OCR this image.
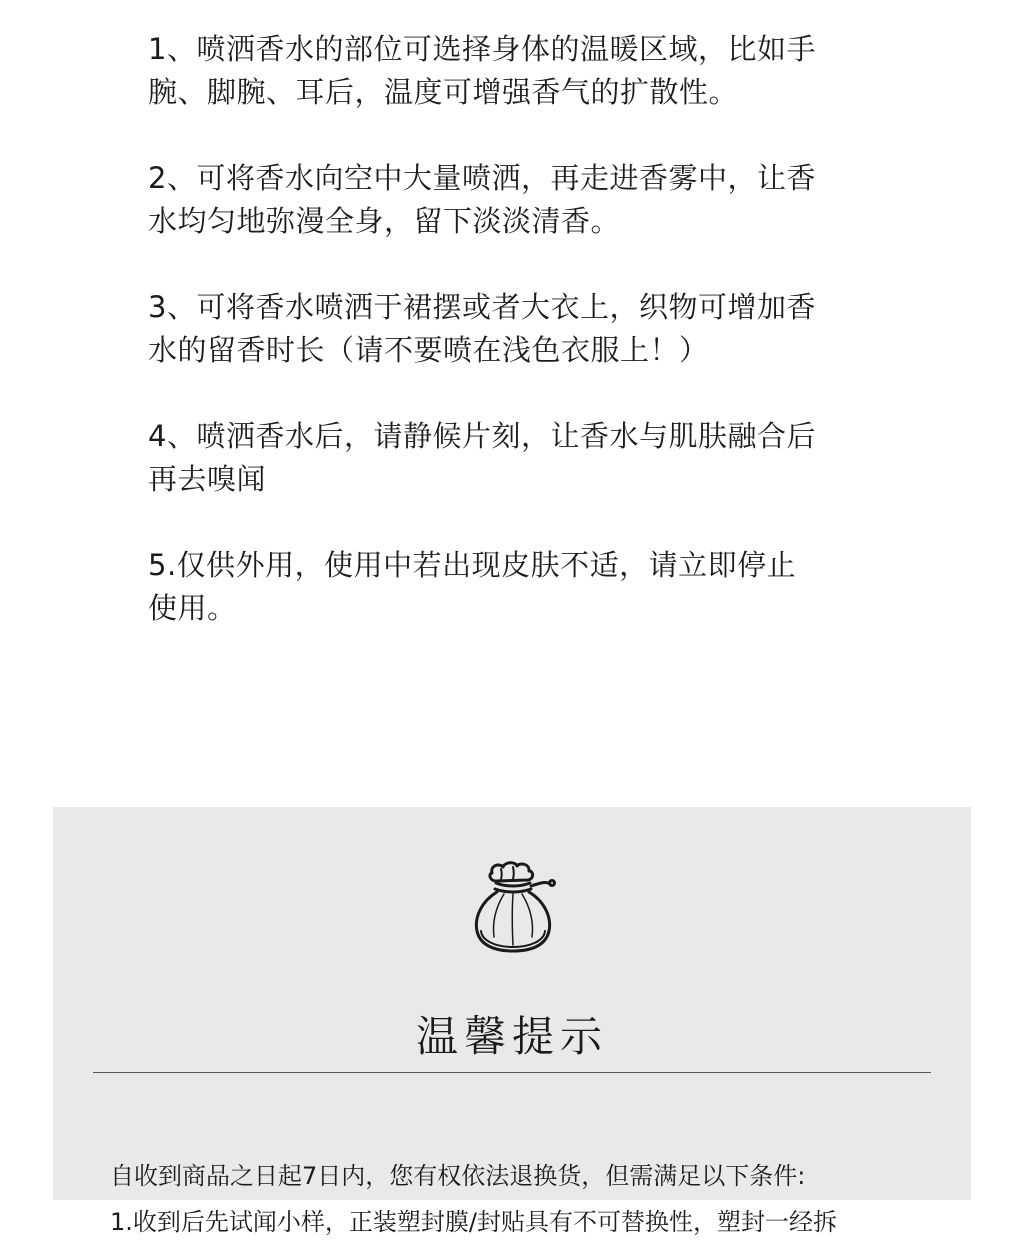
1、喷洒香水的部位可选择身体的温暖区域，比如手
腕、脚腕、耳后，温度可增强香气的扩散性。

2、可将香水向空中大量喷洒，再走进香雾中，让香
水均匀地弥漫全身，留下淡淡清香。

3、可将香水喷洒于裙摆或者大衣上，织物可增加香
水的留香时长（请不要喷在浅色衣服上！）

4、喷洒香水后，请静候片刻，让香水与肌肤融合后
再去嗅闻

5.仅供外用，使用中若出现皮肤不适，请立即停止
使用。

温馨提示

自收到商品之日起7日内，您有权依法退换货，但需满足以下条件:

1.收到后先试闻小样，正装塑封膜/封贴具有不可替换性，塑封一经拆
